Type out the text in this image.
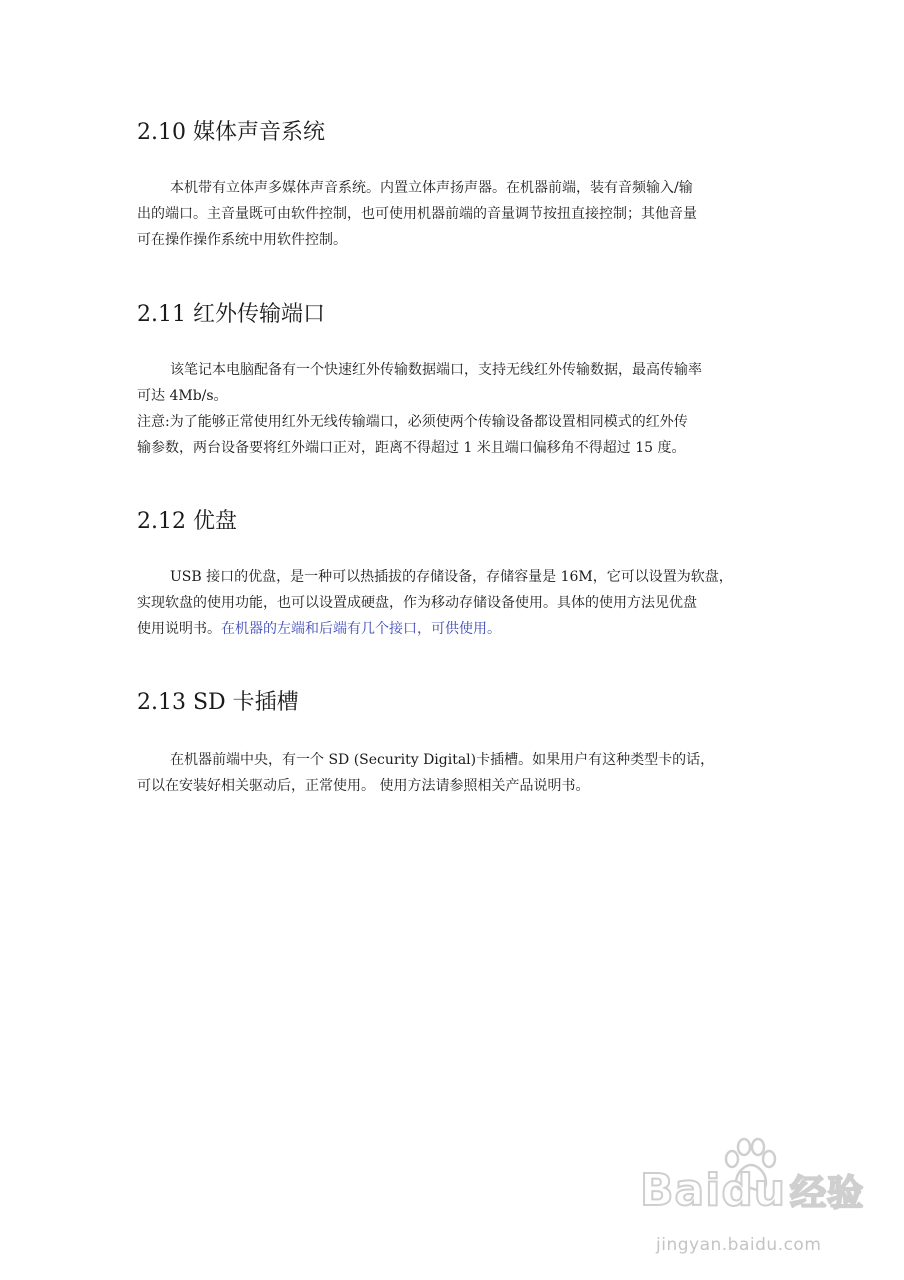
2.10 媒体声音系统
本机带有立体声多媒体声音系统。内置立体声扬声器。在机器前端，装有音频输入/输
出的端口。主音量既可由软件控制，也可使用机器前端的音量调节按扭直接控制；其他音量
可在操作操作系统中用软件控制。
2.11 红外传输端口
该笔记本电脑配备有一个快速红外传输数据端口，支持无线红外传输数据，最高传输率
可达 4Mb/s。
注意:为了能够正常使用红外无线传输端口，必须使两个传输设备都设置相同模式的红外传
输参数，两台设备要将红外端口正对，距离不得超过 1 米且端口偏移角不得超过 15 度。
2.12 优盘
USB 接口的优盘，是一种可以热插拔的存储设备，存储容量是 16M，它可以设置为软盘，
实现软盘的使用功能，也可以设置成硬盘，作为移动存储设备使用。具体的使用方法见优盘
使用说明书。在机器的左端和后端有几个接口，可供使用。
2.13 SD 卡插槽
在机器前端中央，有一个 SD (Security Digital)卡插槽。如果用户有这种类型卡的话，
可以在安装好相关驱动后，正常使用。 使用方法请参照相关产品说明书。
Baidu 经验
jingyan.baidu.com
